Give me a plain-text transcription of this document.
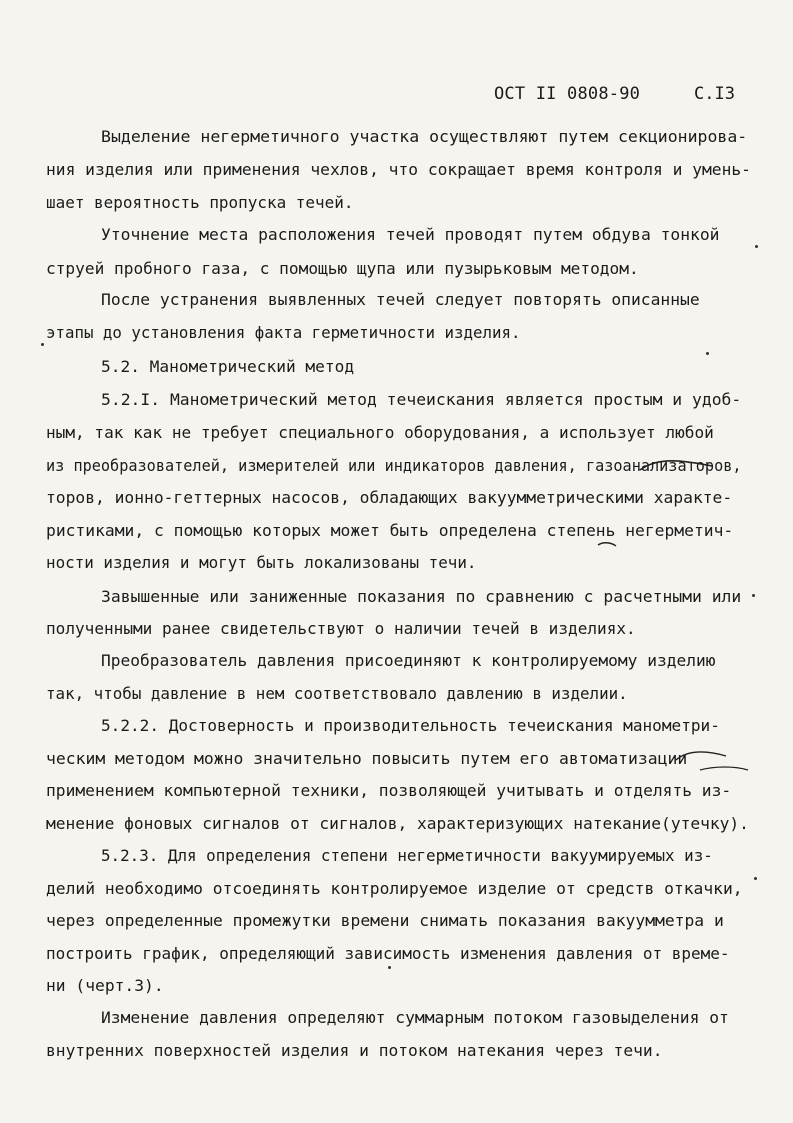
ОСТ II 0808-90	С.I3
Выделение негерметичного участка осуществляют путем секционирова-
ния изделия или применения чехлов, что сокращает время контроля и умень-
шает вероятность пропуска течей.
Уточнение места расположения течей проводят путем обдува тонкой
струей пробного газа, с помощью щупа или пузырьковым методом.
После устранения выявленных течей следует повторять описанные
этапы до установления факта герметичности изделия.
5.2. Манометрический метод
5.2.I. Манометрический метод течеискания является простым и удоб-
ным, так как не требует специального оборудования, а использует любой
из преобразователей, измерителей или индикаторов давления, газоанализаторов,
торов, ионно-геттерных насосов, обладающих вакуумметрическими характе-
ристиками, с помощью которых может быть определена степень негерметич-
ности изделия и могут быть локализованы течи.
Завышенные или заниженные показания по сравнению с расчетными или
полученными ранее свидетельствуют о наличии течей в изделиях.
Преобразователь давления присоединяют к контролируемому изделию
так, чтобы давление в нем соответствовало давлению в изделии.
5.2.2. Достоверность и производительность течеискания манометри-
ческим методом можно значительно повысить путем его автоматизации
применением компьютерной техники, позволяющей учитывать и отделять из-
менение фоновых сигналов от сигналов, характеризующих натекание(утечку).
5.2.3. Для определения степени негерметичности вакуумируемых из-
делий необходимо отсоединять контролируемое изделие от средств откачки,
через определенные промежутки времени снимать показания вакуумметра и
построить график, определяющий зависимость изменения давления от време-
ни (черт.3).
Изменение давления определяют суммарным потоком газовыделения от
внутренних поверхностей изделия и потоком натекания через течи.
